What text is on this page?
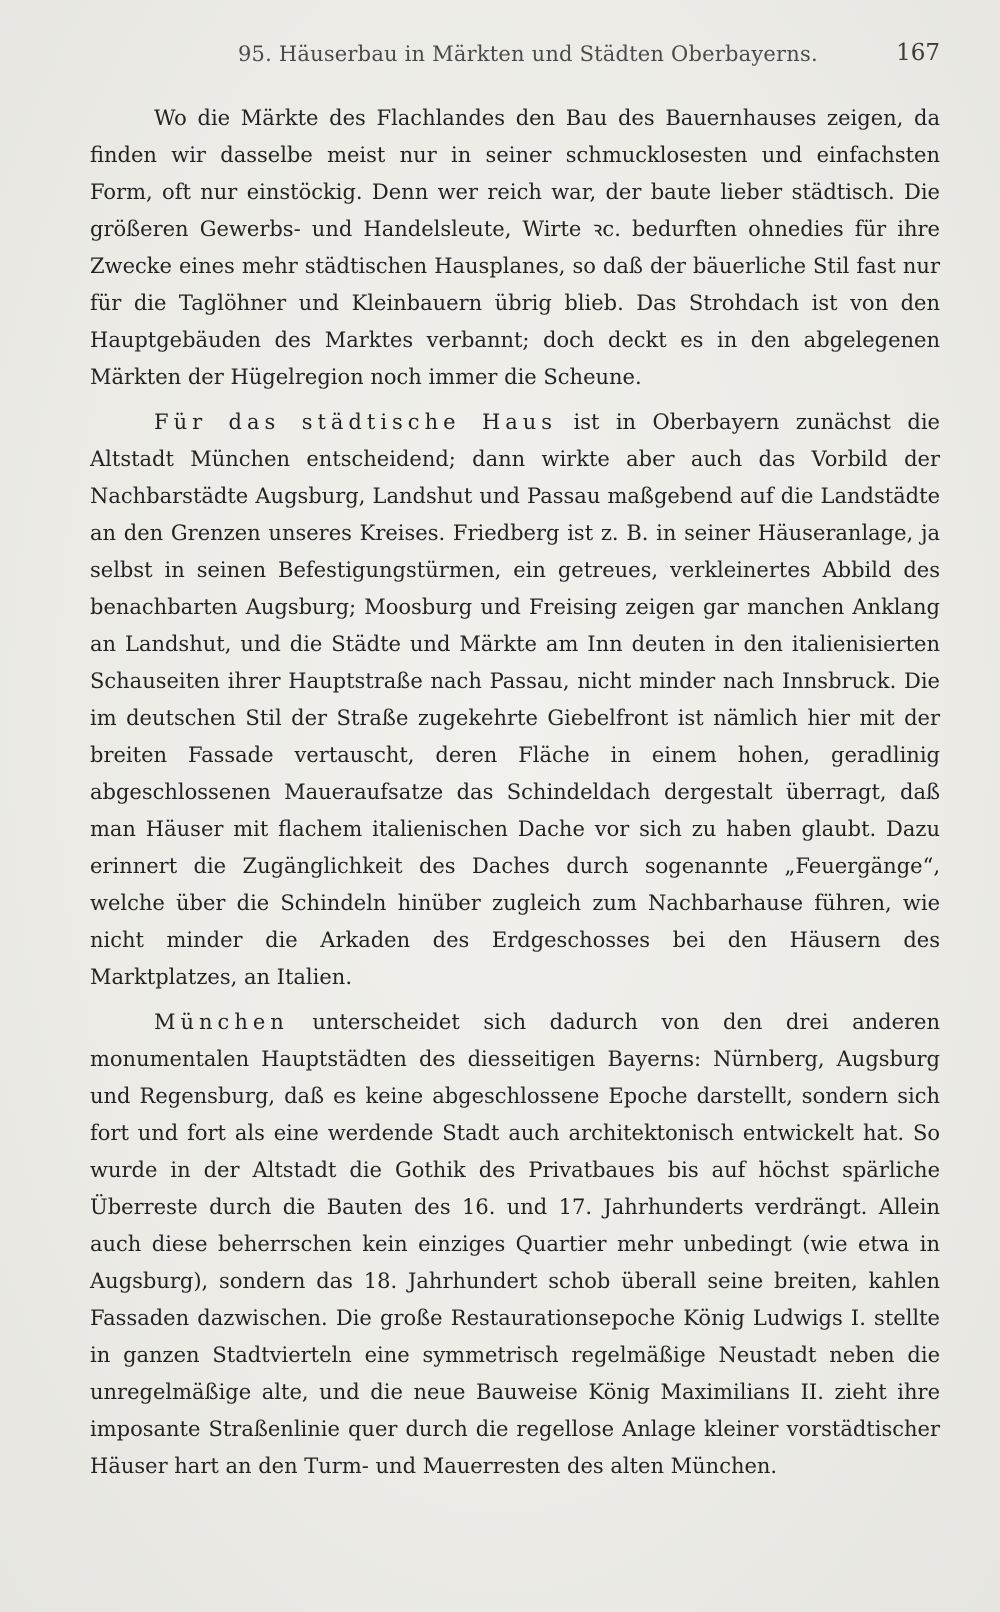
95. Häuserbau in Märkten und Städten Oberbayerns.	167

Wo die Märkte des Flachlandes den Bau des Bauernhauses zeigen, da finden wir dasselbe meist nur in seiner schmucklosesten und einfachsten Form, oft nur einstöckig. Denn wer reich war, der baute lieber städtisch. Die größeren Gewerbs- und Handelsleute, Wirte ꝛc. bedurften ohnedies für ihre Zwecke eines mehr städtischen Hausplanes, so daß der bäuerliche Stil fast nur für die Taglöhner und Kleinbauern übrig blieb. Das Strohdach ist von den Hauptgebäuden des Marktes verbannt; doch deckt es in den abgelegenen Märkten der Hügelregion noch immer die Scheune.

Für das städtische Haus ist in Oberbayern zunächst die Altstadt München entscheidend; dann wirkte aber auch das Vorbild der Nachbarstädte Augsburg, Landshut und Passau maßgebend auf die Landstädte an den Grenzen unseres Kreises. Friedberg ist z. B. in seiner Häuseranlage, ja selbst in seinen Befestigungstürmen, ein getreues, verkleinertes Abbild des benachbarten Augsburg; Moosburg und Freising zeigen gar manchen Anklang an Landshut, und die Städte und Märkte am Inn deuten in den italienisierten Schauseiten ihrer Hauptstraße nach Passau, nicht minder nach Innsbruck. Die im deutschen Stil der Straße zugekehrte Giebelfront ist nämlich hier mit der breiten Fassade vertauscht, deren Fläche in einem hohen, geradlinig abgeschlossenen Maueraufsatze das Schindeldach dergestalt überragt, daß man Häuser mit flachem italienischen Dache vor sich zu haben glaubt. Dazu erinnert die Zugänglichkeit des Daches durch sogenannte „Feuergänge“, welche über die Schindeln hinüber zugleich zum Nachbarhause führen, wie nicht minder die Arkaden des Erdgeschosses bei den Häusern des Marktplatzes, an Italien.

München unterscheidet sich dadurch von den drei anderen monumentalen Hauptstädten des diesseitigen Bayerns: Nürnberg, Augsburg und Regensburg, daß es keine abgeschlossene Epoche darstellt, sondern sich fort und fort als eine werdende Stadt auch architektonisch entwickelt hat. So wurde in der Altstadt die Gothik des Privatbaues bis auf höchst spärliche Überreste durch die Bauten des 16. und 17. Jahrhunderts verdrängt. Allein auch diese beherrschen kein einziges Quartier mehr unbedingt (wie etwa in Augsburg), sondern das 18. Jahrhundert schob überall seine breiten, kahlen Fassaden dazwischen. Die große Restaurationsepoche König Ludwigs I. stellte in ganzen Stadtvierteln eine symmetrisch regelmäßige Neustadt neben die unregelmäßige alte, und die neue Bauweise König Maximilians II. zieht ihre imposante Straßenlinie quer durch die regellose Anlage kleiner vorstädtischer Häuser hart an den Turm- und Mauerresten des alten München.
